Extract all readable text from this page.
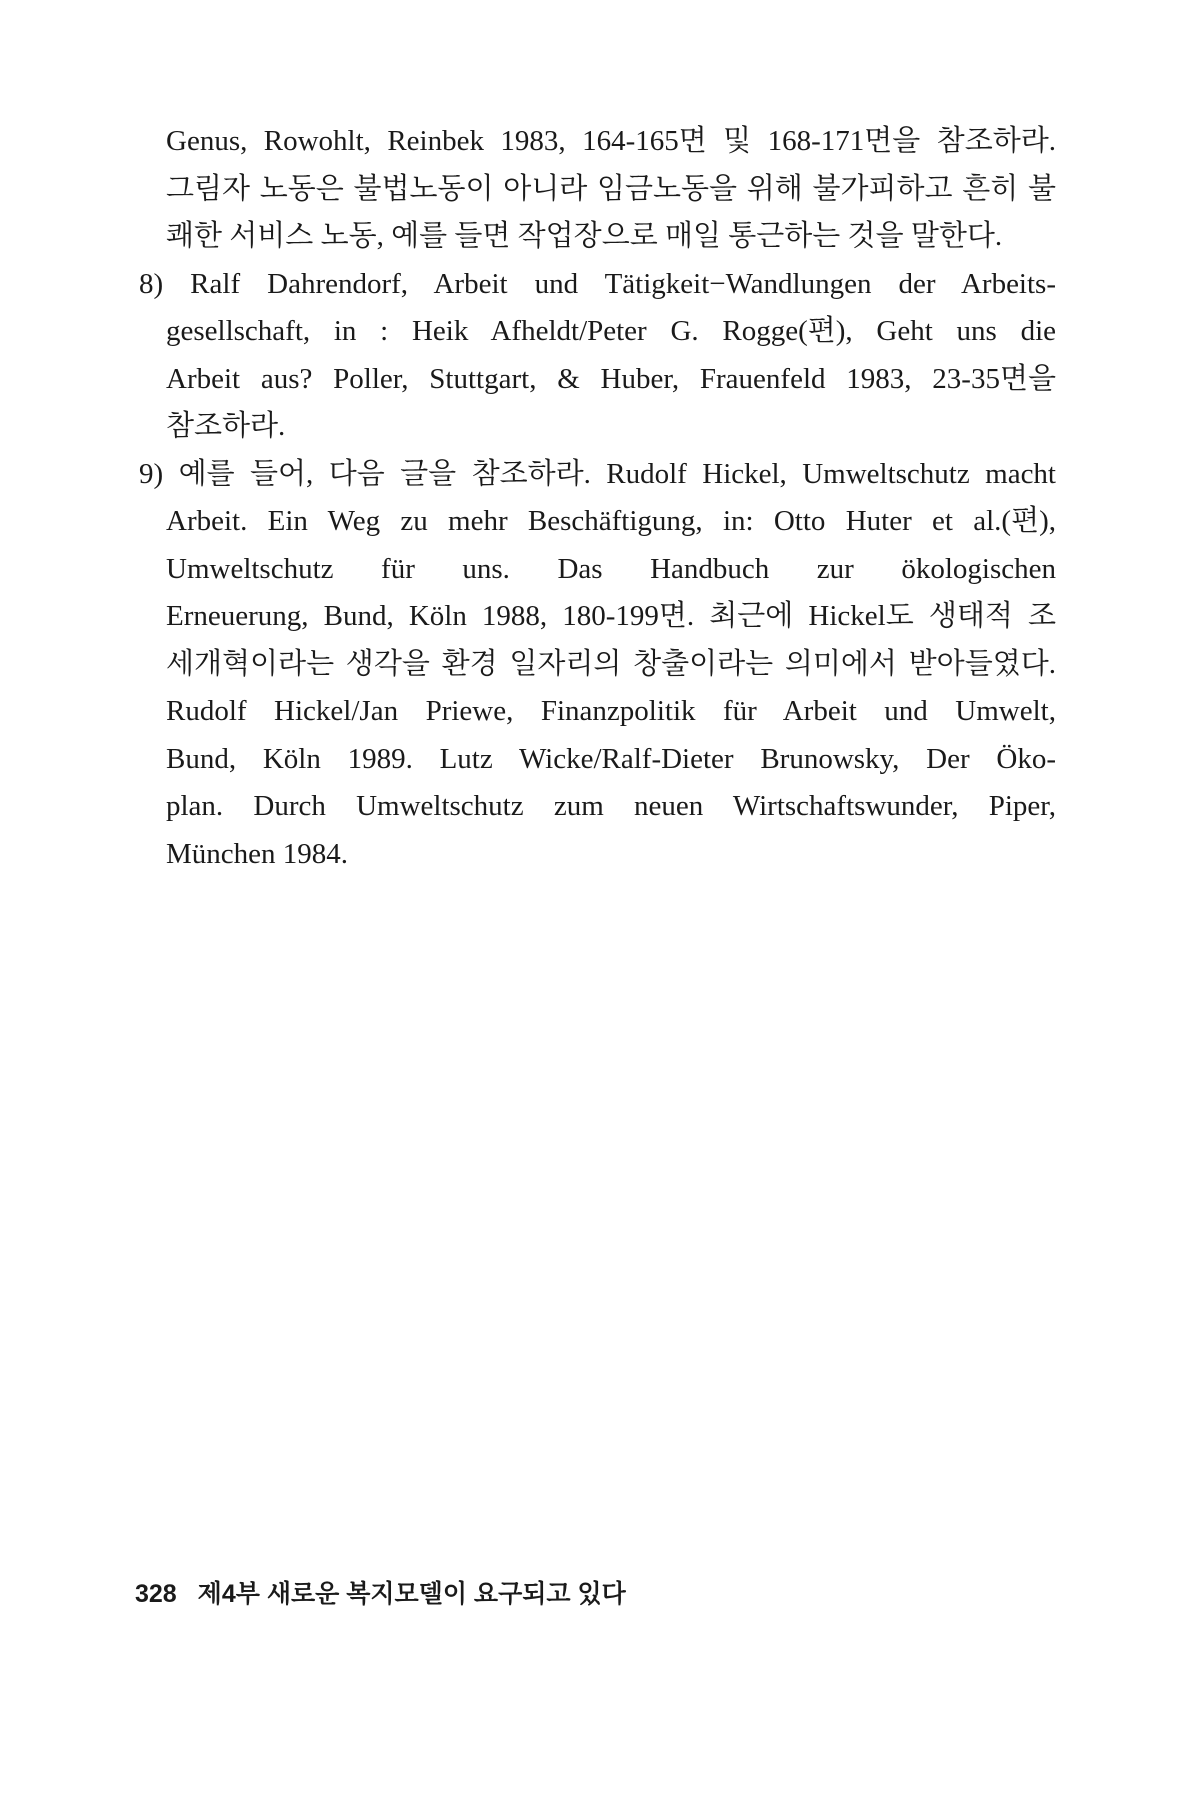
Genus, Rowohlt, Reinbek 1983, 164-165면 및 168-171면을 참조하라.
그림자 노동은 불법노동이 아니라 임금노동을 위해 불가피하고 흔히 불
쾌한 서비스 노동, 예를 들면 작업장으로 매일 통근하는 것을 말한다.
8) Ralf Dahrendorf, Arbeit und Tätigkeit−Wandlungen der Arbeits-
gesellschaft, in : Heik Afheldt/Peter G. Rogge(편), Geht uns die
Arbeit aus? Poller, Stuttgart, & Huber, Frauenfeld 1983, 23-35면을
참조하라.
9) 예를 들어, 다음 글을 참조하라. Rudolf Hickel, Umweltschutz macht
Arbeit. Ein Weg zu mehr Beschäftigung, in: Otto Huter et al.(편),
Umweltschutz für uns. Das Handbuch zur ökologischen
Erneuerung, Bund, Köln 1988, 180-199면. 최근에 Hickel도 생태적 조
세개혁이라는 생각을 환경 일자리의 창출이라는 의미에서 받아들였다.
Rudolf Hickel/Jan Priewe, Finanzpolitik für Arbeit und Umwelt,
Bund, Köln 1989. Lutz Wicke/Ralf-Dieter Brunowsky, Der Öko-
plan. Durch Umweltschutz zum neuen Wirtschaftswunder, Piper,
München 1984.
328 제4부 새로운 복지모델이 요구되고 있다
